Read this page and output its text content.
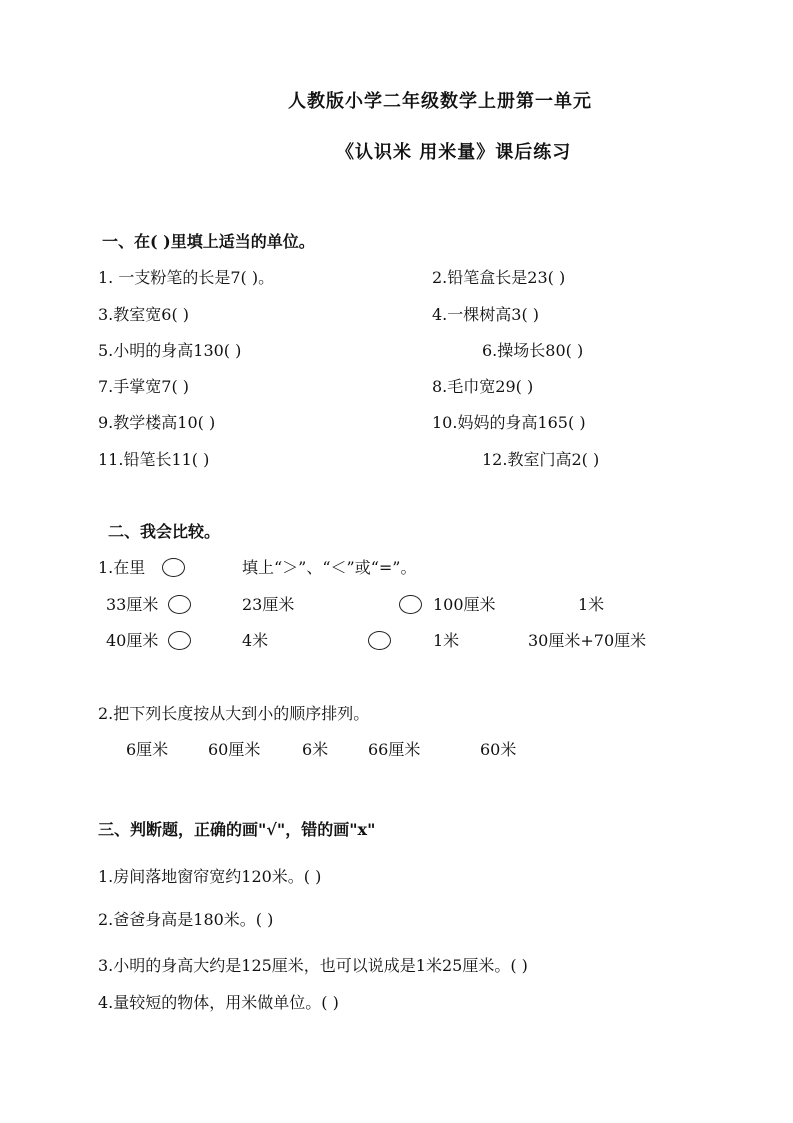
人教版小学二年级数学上册第一单元
《认识米 用米量》课后练习
一、在( )里填上适当的单位。
1. 一支粉笔的长是7( )。	2.铅笔盒长是23( )
3.教室宽6( )	4.一棵树高3( )
5.小明的身高130( )	6.操场长80( )
7.手掌宽7( )	8.毛巾宽29( )
9.教学楼高10( )	10.妈妈的身高165( )
11.铅笔长11( )	12.教室门高2( )
二、我会比较。
1.在里	填上“＞”、“＜”或“=”。
33厘米	23厘米	100厘米	1米
40厘米	4米	1米	30厘米+70厘米
2.把下列长度按从大到小的顺序排列。
6厘米 60厘米	6米 66厘米	60米
三、判断题，正确的画"√"，错的画"x"
1.房间落地窗帘宽约120米。( )
2.爸爸身高是180米。( )
3.小明的身高大约是125厘米，也可以说成是1米25厘米。( )
4.量较短的物体，用米做单位。( )
